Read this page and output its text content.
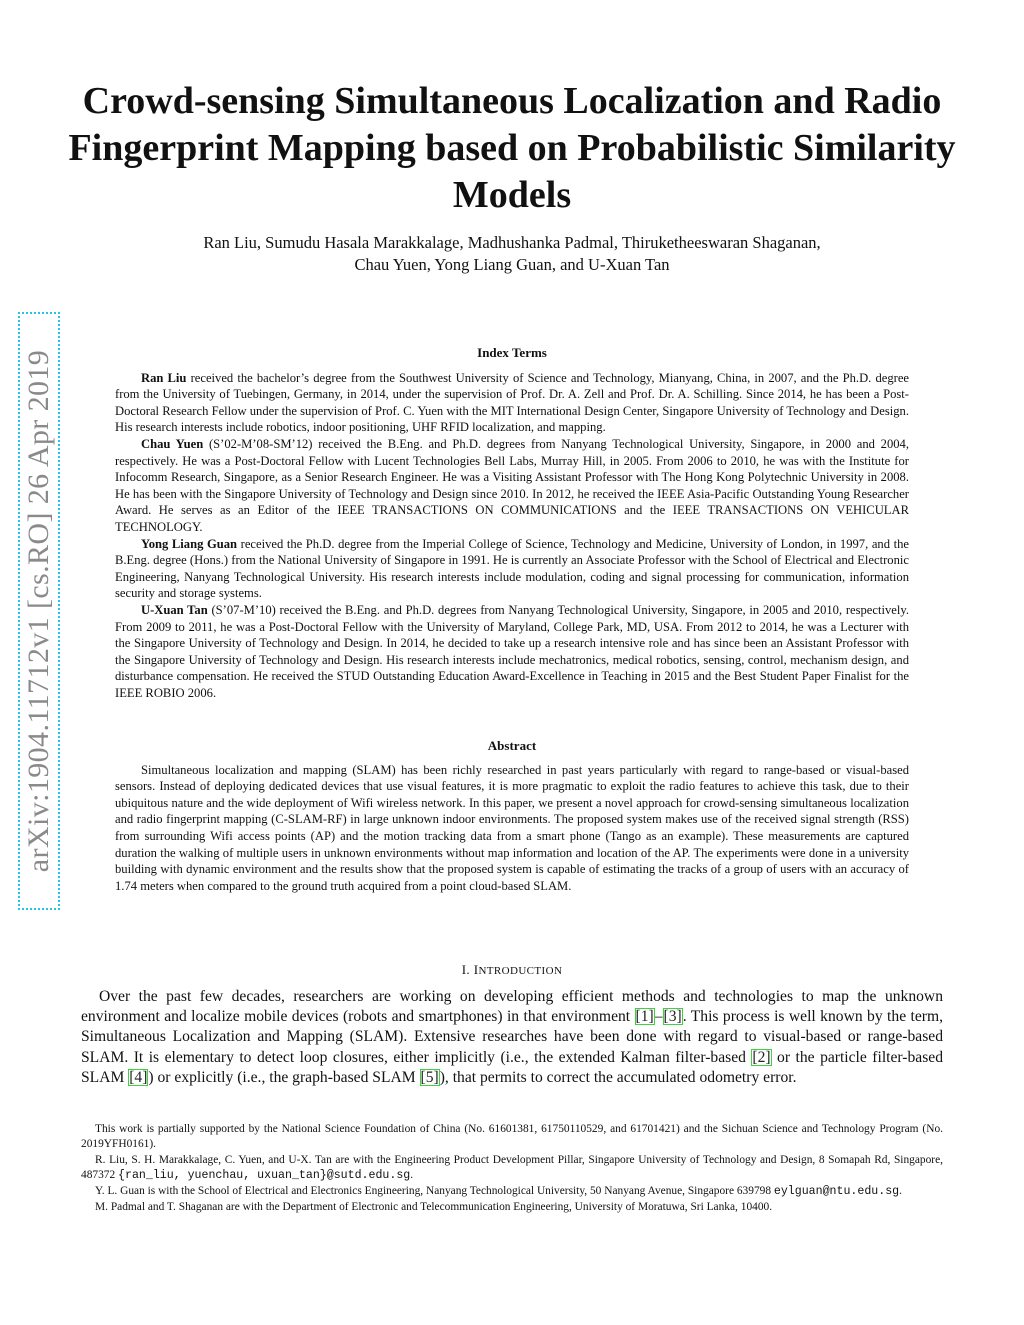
arXiv:1904.11712v1 [cs.RO] 26 Apr 2019
Crowd-sensing Simultaneous Localization and Radio Fingerprint Mapping based on Probabilistic Similarity Models
Ran Liu, Sumudu Hasala Marakkalage, Madhushanka Padmal, Thiruketheeswaran Shaganan,
Chau Yuen, Yong Liang Guan, and U-Xuan Tan
Index Terms

Ran Liu received the bachelor’s degree from the Southwest University of Science and Technology, Mianyang, China, in 2007, and the Ph.D. degree from the University of Tuebingen, Germany, in 2014, under the supervision of Prof. Dr. A. Zell and Prof. Dr. A. Schilling. Since 2014, he has been a Post-Doctoral Research Fellow under the supervision of Prof. C. Yuen with the MIT International Design Center, Singapore University of Technology and Design. His research interests include robotics, indoor positioning, UHF RFID localization, and mapping.

Chau Yuen (S’02-M’08-SM’12) received the B.Eng. and Ph.D. degrees from Nanyang Technological University, Singapore, in 2000 and 2004, respectively. He was a Post-Doctoral Fellow with Lucent Technologies Bell Labs, Murray Hill, in 2005. From 2006 to 2010, he was with the Institute for Infocomm Research, Singapore, as a Senior Research Engineer. He was a Visiting Assistant Professor with The Hong Kong Polytechnic University in 2008. He has been with the Singapore University of Technology and Design since 2010. In 2012, he received the IEEE Asia-Pacific Outstanding Young Researcher Award. He serves as an Editor of the IEEE TRANSACTIONS ON COMMUNICATIONS and the IEEE TRANSACTIONS ON VEHICULAR TECHNOLOGY.

Yong Liang Guan received the Ph.D. degree from the Imperial College of Science, Technology and Medicine, University of London, in 1997, and the B.Eng. degree (Hons.) from the National University of Singapore in 1991. He is currently an Associate Professor with the School of Electrical and Electronic Engineering, Nanyang Technological University. His research interests include modulation, coding and signal processing for communication, information security and storage systems.

U-Xuan Tan (S’07-M’10) received the B.Eng. and Ph.D. degrees from Nanyang Technological University, Singapore, in 2005 and 2010, respectively. From 2009 to 2011, he was a Post-Doctoral Fellow with the University of Maryland, College Park, MD, USA. From 2012 to 2014, he was a Lecturer with the Singapore University of Technology and Design. In 2014, he decided to take up a research intensive role and has since been an Assistant Professor with the Singapore University of Technology and Design. His research interests include mechatronics, medical robotics, sensing, control, mechanism design, and disturbance compensation. He received the STUD Outstanding Education Award-Excellence in Teaching in 2015 and the Best Student Paper Finalist for the IEEE ROBIO 2006.

Abstract

Simultaneous localization and mapping (SLAM) has been richly researched in past years particularly with regard to range-based or visual-based sensors. Instead of deploying dedicated devices that use visual features, it is more pragmatic to exploit the radio features to achieve this task, due to their ubiquitous nature and the wide deployment of Wifi wireless network. In this paper, we present a novel approach for crowd-sensing simultaneous localization and radio fingerprint mapping (C-SLAM-RF) in large unknown indoor environments. The proposed system makes use of the received signal strength (RSS) from surrounding Wifi access points (AP) and the motion tracking data from a smart phone (Tango as an example). These measurements are captured duration the walking of multiple users in unknown environments without map information and location of the AP. The experiments were done in a university building with dynamic environment and the results show that the proposed system is capable of estimating the tracks of a group of users with an accuracy of 1.74 meters when compared to the ground truth acquired from a point cloud-based SLAM.

I. INTRODUCTION

Over the past few decades, researchers are working on developing efficient methods and technologies to map the unknown environment and localize mobile devices (robots and smartphones) in that environment [1]–[3]. This process is well known by the term, Simultaneous Localization and Mapping (SLAM). Extensive researches have been done with regard to visual-based or range-based SLAM. It is elementary to detect loop closures, either implicitly (i.e., the extended Kalman filter-based [2] or the particle filter-based SLAM [4]) or explicitly (i.e., the graph-based SLAM [5]), that permits to correct the accumulated odometry error.

This work is partially supported by the National Science Foundation of China (No. 61601381, 61750110529, and 61701421) and the Sichuan Science and Technology Program (No. 2019YFH0161).

R. Liu, S. H. Marakkalage, C. Yuen, and U-X. Tan are with the Engineering Product Development Pillar, Singapore University of Technology and Design, 8 Somapah Rd, Singapore, 487372 {ran_liu, yuenchau, uxuan_tan}@sutd.edu.sg.

Y. L. Guan is with the School of Electrical and Electronics Engineering, Nanyang Technological University, 50 Nanyang Avenue, Singapore 639798 eylguan@ntu.edu.sg.

M. Padmal and T. Shaganan are with the Department of Electronic and Telecommunication Engineering, University of Moratuwa, Sri Lanka, 10400.
